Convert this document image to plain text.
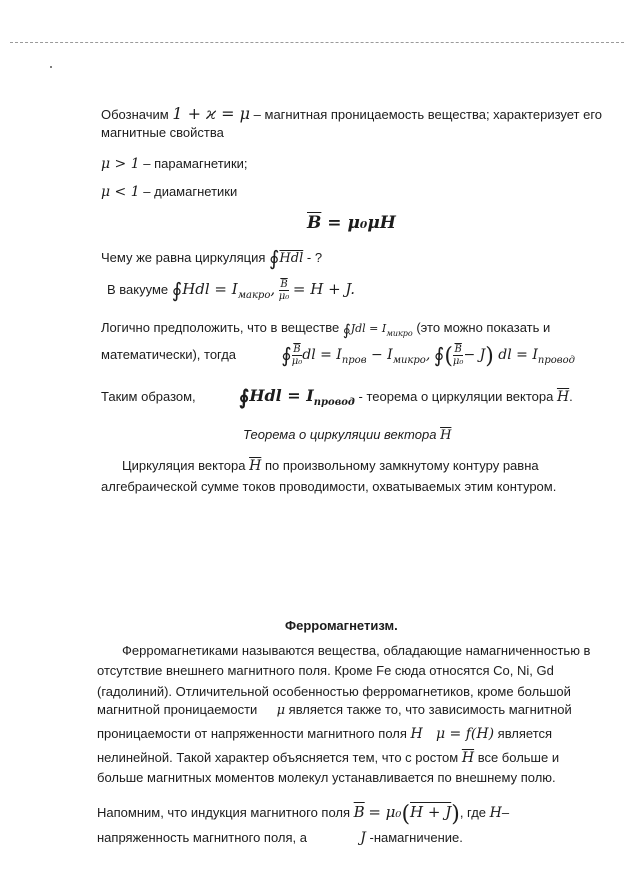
Обозначим 1 + ϰ = μ – магнитная проницаемость вещества; характеризует его
магнитные свойства
μ > 1 – парамагнетики;
μ < 1 – диамагнетики
$\overline{B} = \mu_0\mu H$
Чему же равна циркуляция $∮\overline{Hdl}$ - ?
В вакууме ∮Hdl = $I_{макро}$, $\frac{\overline{B}}{\text{μ₀}} = H + J$.
Логично предположить, что в веществе ∮Jdl = $I_{микро}$ (это можно показать и
математически), тогда ∮ $\frac{\overline{B}}{\text{μ₀}}$ dl = $I_{пров} - I_{микро}$, ∮( $\frac{\overline{B}}{\text{μ₀}} - J$) dl = $I_{провод}$
Таким образом, ∮Hdl = $I_{провод}$ - теорема о циркуляции вектора $\overline{H}$.
Теорема о циркуляции вектора $\overline{H}$
Циркуляция вектора $\overline{H}$ по произвольному замкнутому контуру равна
алгебраической сумме токов проводимости, охватываемых этим контуром.
Ферромагнетизм.
Ферромагнетиками называются вещества, обладающие намагниченностью в
отсутствие внешнего магнитного поля. Кроме Fe сюда относятся Co, Ni, Gd
(гадолиний). Отличительной особенностью ферромагнетиков, кроме большой
магнитной проницаемости μ является также то, что зависимость магнитной
проницаемости от напряженности магнитного поля H μ = f(H) является
нелинейной. Такой характер объясняется тем, что с ростом $\overline{H}$ все больше и
больше магнитных моментов молекул устанавливается по внешнему полю.
Напомним, что индукция магнитного поля $\overline{B} = \mu_0(H + J)$, где H–
напряженность магнитного поля, а	J -намагничение.
